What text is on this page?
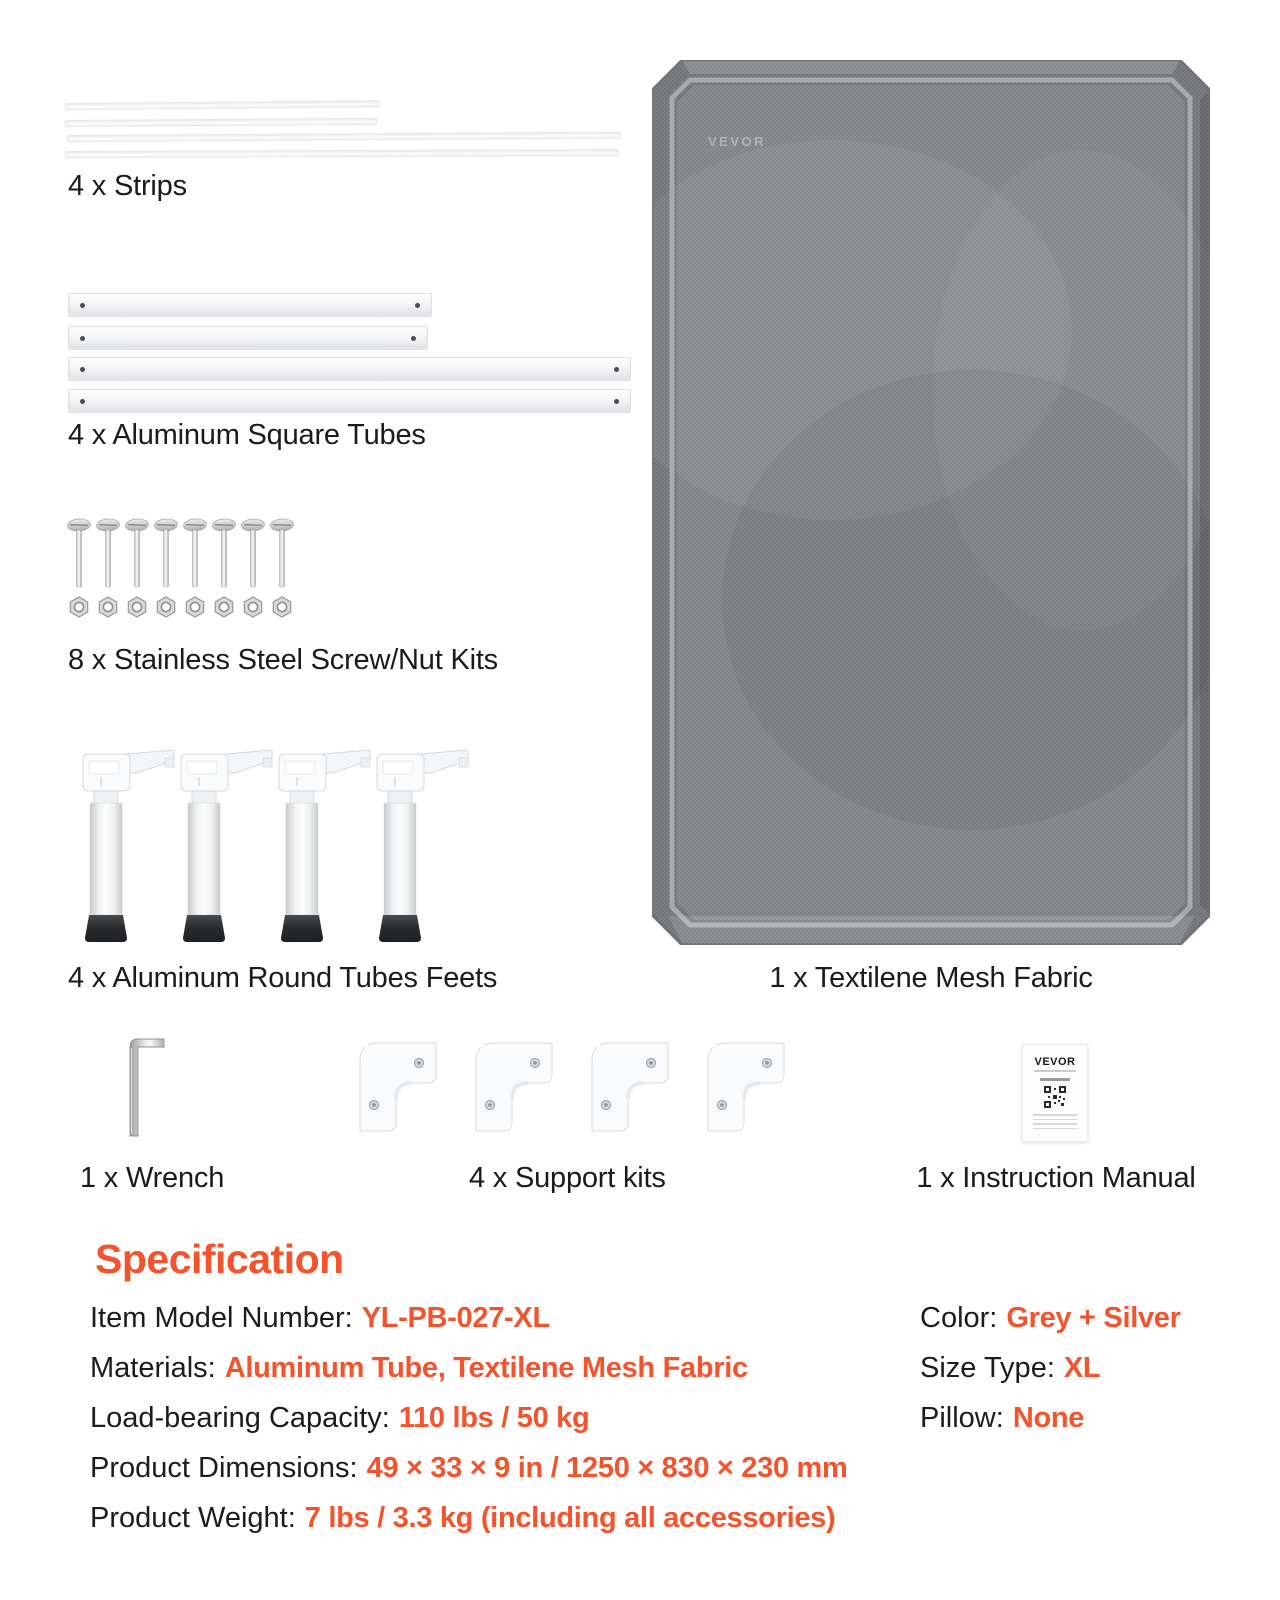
4 x Strips
4 x Aluminum Square Tubes
8 x Stainless Steel Screw/Nut Kits
4 x Aluminum Round Tubes Feets
VEVOR
1 x Textilene Mesh Fabric
1 x Wrench	4 x Support kits
VEVOR
1 x Instruction Manual
Specification
Item Model Number: YL-PB-027-XL
Materials: Aluminum Tube, Textilene Mesh Fabric
Load-bearing Capacity: 110 lbs / 50 kg
Product Dimensions: 49 × 33 × 9 in / 1250 × 830 × 230 mm
Product Weight: 7 lbs / 3.3 kg (including all accessories)
Color: Grey + Silver
Size Type: XL
Pillow: None
